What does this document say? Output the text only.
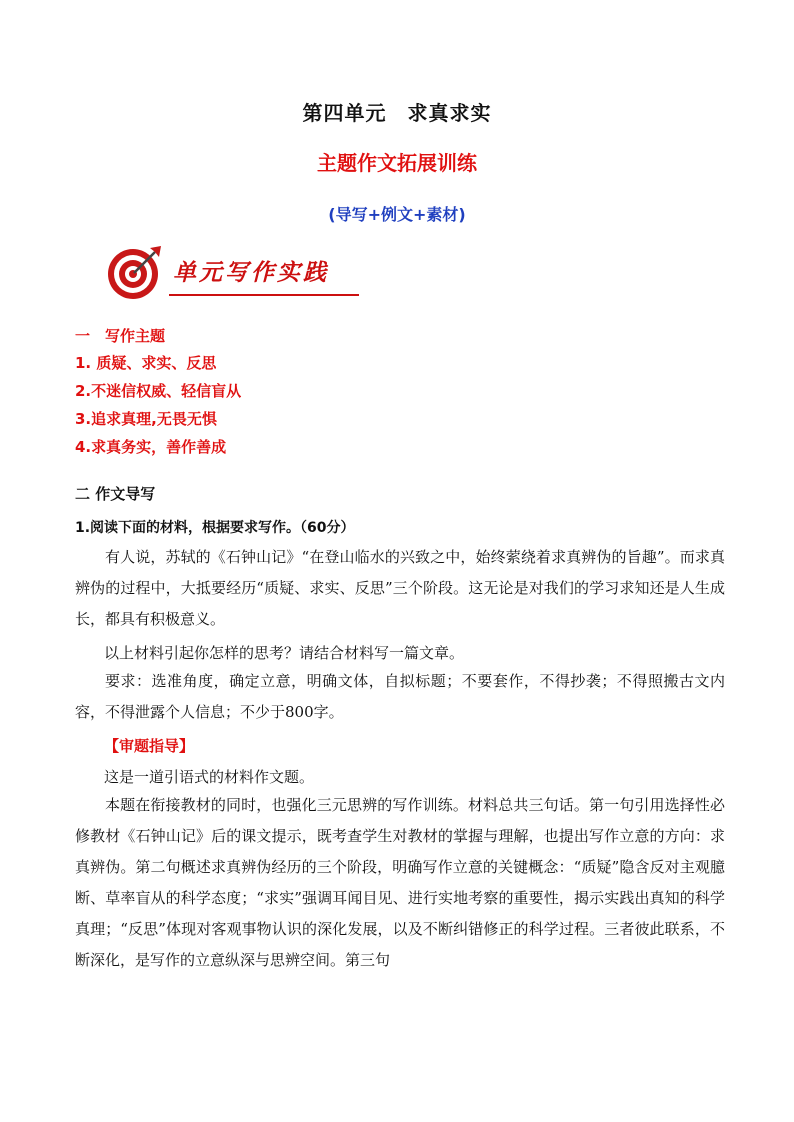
第四单元　求真求实
主题作文拓展训练
(导写+例文+素材)
单元写作实践
一　写作主题
1. 质疑、求实、反思
2.不迷信权威、轻信盲从
3.追求真理,无畏无惧
4.求真务实，善作善成
二 作文导写
1.阅读下面的材料，根据要求写作。（60分）
有人说，苏轼的《石钟山记》“在登山临水的兴致之中，始终萦绕着求真辨伪的旨趣”。而求真辨伪的过程中，大抵要经历“质疑、求实、反思”三个阶段。这无论是对我们的学习求知还是人生成长，都具有积极意义。
以上材料引起你怎样的思考？请结合材料写一篇文章。
要求：选准角度，确定立意，明确文体，自拟标题；不要套作，不得抄袭；不得照搬古文内容，不得泄露个人信息；不少于800字。
【审题指导】
这是一道引语式的材料作文题。
本题在衔接教材的同时，也强化三元思辨的写作训练。材料总共三句话。第一句引用选择性必修教材《石钟山记》后的课文提示，既考查学生对教材的掌握与理解，也提出写作立意的方向：求真辨伪。第二句概述求真辨伪经历的三个阶段，明确写作立意的关键概念：“质疑”隐含反对主观臆断、草率盲从的科学态度；“求实”强调耳闻目见、进行实地考察的重要性，揭示实践出真知的科学真理；“反思”体现对客观事物认识的深化发展，以及不断纠错修正的科学过程。三者彼此联系，不断深化，是写作的立意纵深与思辨空间。第三句
